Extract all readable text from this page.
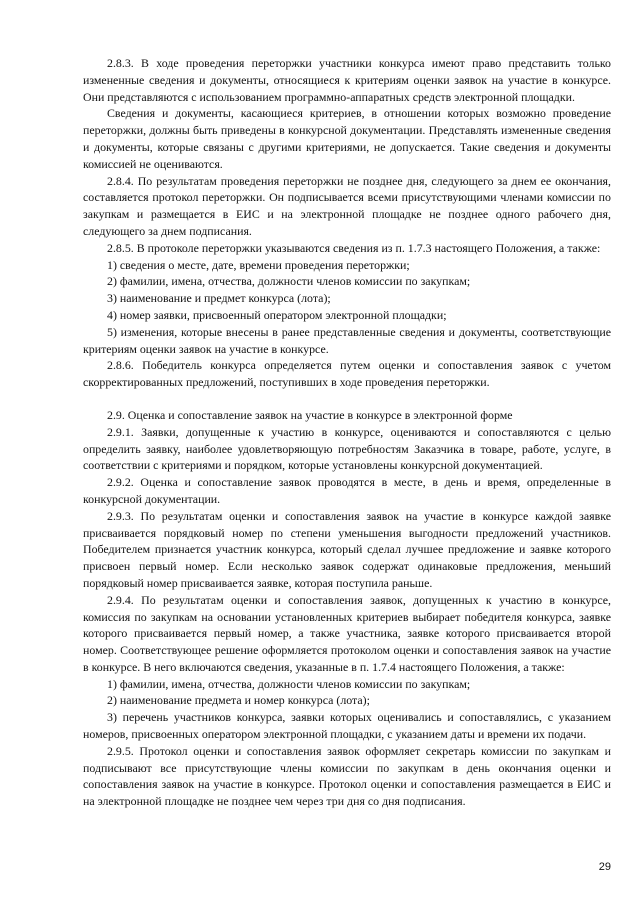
2.8.3. В ходе проведения переторжки участники конкурса имеют право представить только измененные сведения и документы, относящиеся к критериям оценки заявок на участие в конкурсе. Они представляются с использованием программно-аппаратных средств электронной площадки.

Сведения и документы, касающиеся критериев, в отношении которых возможно проведение переторжки, должны быть приведены в конкурсной документации. Представлять измененные сведения и документы, которые связаны с другими критериями, не допускается. Такие сведения и документы комиссией не оцениваются.

2.8.4. По результатам проведения переторжки не позднее дня, следующего за днем ее окончания, составляется протокол переторжки. Он подписывается всеми присутствующими членами комиссии по закупкам и размещается в ЕИС и на электронной площадке не позднее одного рабочего дня, следующего за днем подписания.

2.8.5. В протоколе переторжки указываются сведения из п. 1.7.3 настоящего Положения, а также:

1) сведения о месте, дате, времени проведения переторжки;

2) фамилии, имена, отчества, должности членов комиссии по закупкам;

3) наименование и предмет конкурса (лота);

4) номер заявки, присвоенный оператором электронной площадки;

5) изменения, которые внесены в ранее представленные сведения и документы, соответствующие критериям оценки заявок на участие в конкурсе.

2.8.6. Победитель конкурса определяется путем оценки и сопоставления заявок с учетом скорректированных предложений, поступивших в ходе проведения переторжки.

2.9. Оценка и сопоставление заявок на участие в конкурсе в электронной форме

2.9.1. Заявки, допущенные к участию в конкурсе, оцениваются и сопоставляются с целью определить заявку, наиболее удовлетворяющую потребностям Заказчика в товаре, работе, услуге, в соответствии с критериями и порядком, которые установлены конкурсной документацией.

2.9.2. Оценка и сопоставление заявок проводятся в месте, в день и время, определенные в конкурсной документации.

2.9.3. По результатам оценки и сопоставления заявок на участие в конкурсе каждой заявке присваивается порядковый номер по степени уменьшения выгодности предложений участников. Победителем признается участник конкурса, который сделал лучшее предложение и заявке которого присвоен первый номер. Если несколько заявок содержат одинаковые предложения, меньший порядковый номер присваивается заявке, которая поступила раньше.

2.9.4. По результатам оценки и сопоставления заявок, допущенных к участию в конкурсе, комиссия по закупкам на основании установленных критериев выбирает победителя конкурса, заявке которого присваивается первый номер, а также участника, заявке которого присваивается второй номер. Соответствующее решение оформляется протоколом оценки и сопоставления заявок на участие в конкурсе. В него включаются сведения, указанные в п. 1.7.4 настоящего Положения, а также:

1) фамилии, имена, отчества, должности членов комиссии по закупкам;

2) наименование предмета и номер конкурса (лота);

3) перечень участников конкурса, заявки которых оценивались и сопоставлялись, с указанием номеров, присвоенных оператором электронной площадки, с указанием даты и времени их подачи.

2.9.5. Протокол оценки и сопоставления заявок оформляет секретарь комиссии по закупкам и подписывают все присутствующие члены комиссии по закупкам в день окончания оценки и сопоставления заявок на участие в конкурсе. Протокол оценки и сопоставления размещается в ЕИС и на электронной площадке не позднее чем через три дня со дня подписания.

29
